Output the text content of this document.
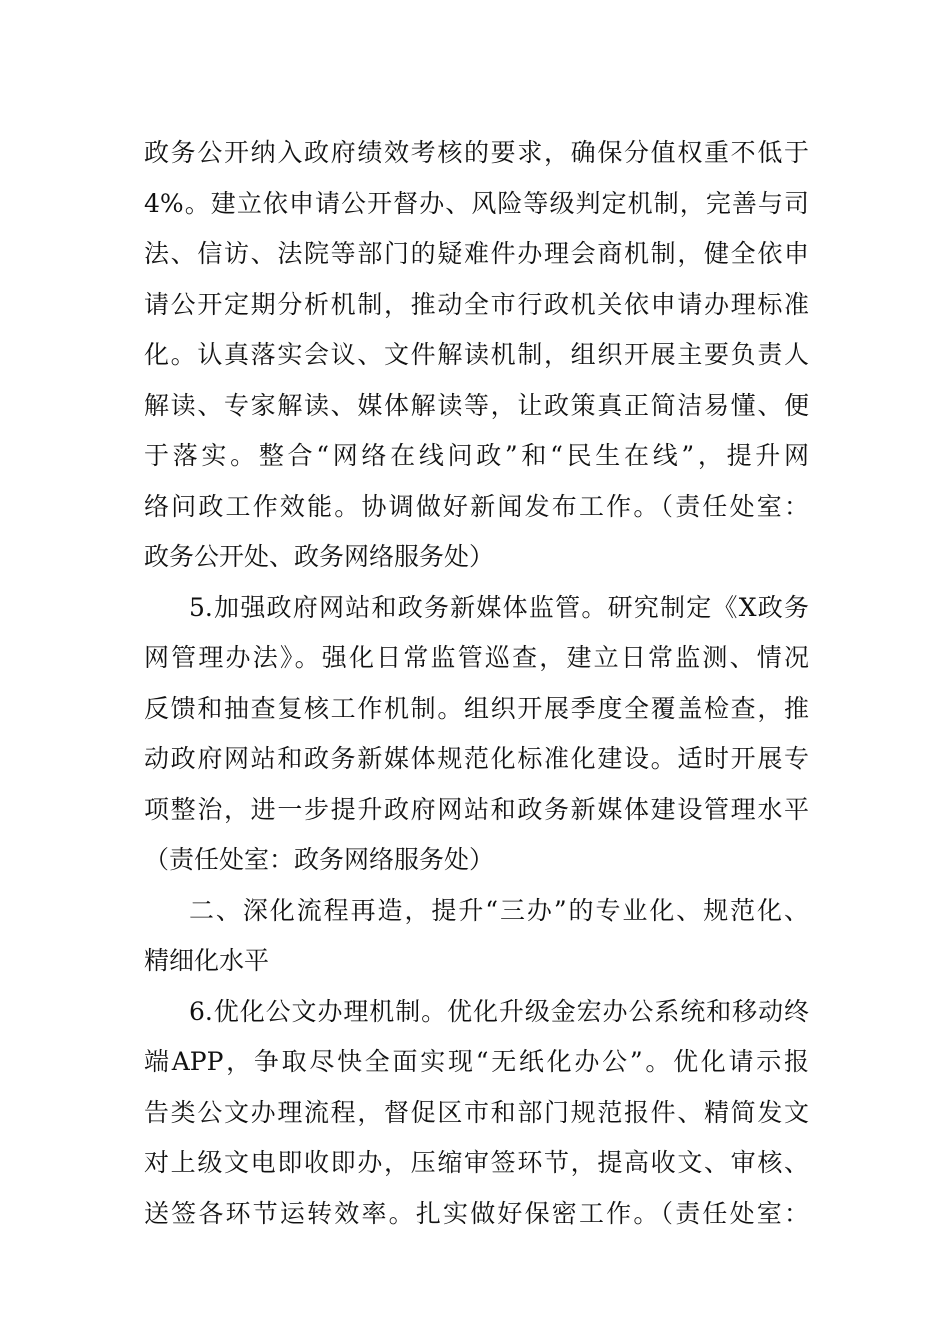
政务公开纳入政府绩效考核的要求，确保分值权重不低于
4%。建立依申请公开督办、风险等级判定机制，完善与司
法、信访、法院等部门的疑难件办理会商机制，健全依申
请公开定期分析机制，推动全市行政机关依申请办理标准
化。认真落实会议、文件解读机制，组织开展主要负责人
解读、专家解读、媒体解读等，让政策真正简洁易懂、便
于落实。整合“网络在线问政”和“民生在线”，提升网
络问政工作效能。协调做好新闻发布工作。（责任处室：
政务公开处、政务网络服务处）
5.加强政府网站和政务新媒体监管。研究制定《X政务
网管理办法》。强化日常监管巡查，建立日常监测、情况
反馈和抽查复核工作机制。组织开展季度全覆盖检查，推
动政府网站和政务新媒体规范化标准化建设。适时开展专
项整治，进一步提升政府网站和政务新媒体建设管理水平
（责任处室：政务网络服务处）
二、深化流程再造，提升“三办”的专业化、规范化、
精细化水平
6.优化公文办理机制。优化升级金宏办公系统和移动终
端APP，争取尽快全面实现“无纸化办公”。优化请示报
告类公文办理流程，督促区市和部门规范报件、精简发文
对上级文电即收即办，压缩审签环节，提高收文、审核、
送签各环节运转效率。扎实做好保密工作。（责任处室：
